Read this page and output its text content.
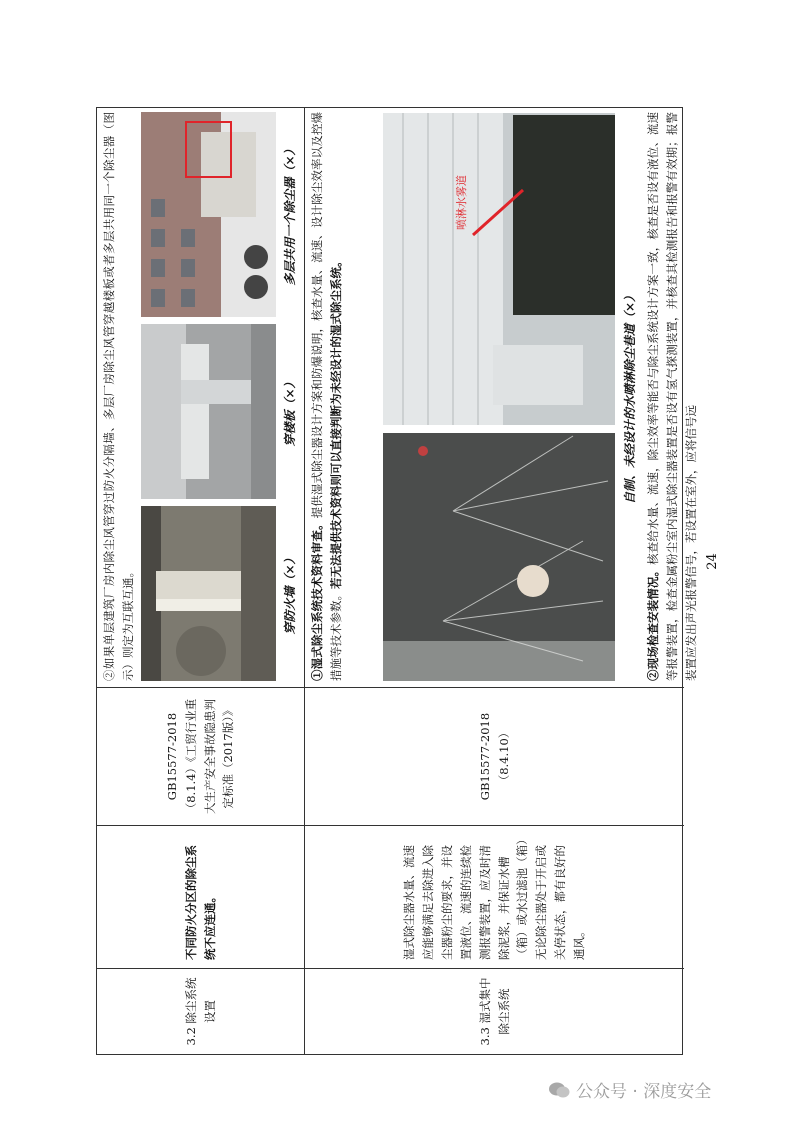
3.2 除尘系统设置
不同防火分区的除尘系统不应连通。
GB15577-2018（8.1.4）《工贸行业重大生产安全事故隐患判定标准（2017版）》
②如果单层建筑厂房内除尘风管穿过防火分隔墙、多层厂房除尘风管穿越楼板或者多层共用同一个除尘器（图示）则定为互联互通。	穿防火墙（×）
穿楼板（×）
多层共用一个除尘器（×）
3.3 湿式集中除尘系统
湿式除尘器水量、流速应能够满足去除进入除尘器粉尘的要求，并设置液位、流速的连续检测报警装置，应及时清除泥浆，并保证水槽（箱）或水过滤池（箱）无论除尘器处于开启或关停状态，都有良好的通风。
GB15577-2018（8.4.10）
①湿式除尘系统技术资料审查。提供湿式除尘器设计方案和防爆说明，核查水量、流速、设计除尘效率以及控爆措施等技术参数。若无法提供技术资料则可以直接判断为未经设计的湿式除尘系统。
喷淋水雾道
自制、未经设计的水喷淋除尘巷道（×）
②现场检查安装情况。核查给水量、流速，除尘效率等能否与除尘系统设计方案一致，核查是否设有液位、流速等报警装置，检查金属粉尘室内湿式除尘器装置是否设有氢气探测装置，并核查其检测报告和报警有效期；报警装置应发出声光报警信号，若设置在室外，应将信号远 24
公众号 · 深度安全
